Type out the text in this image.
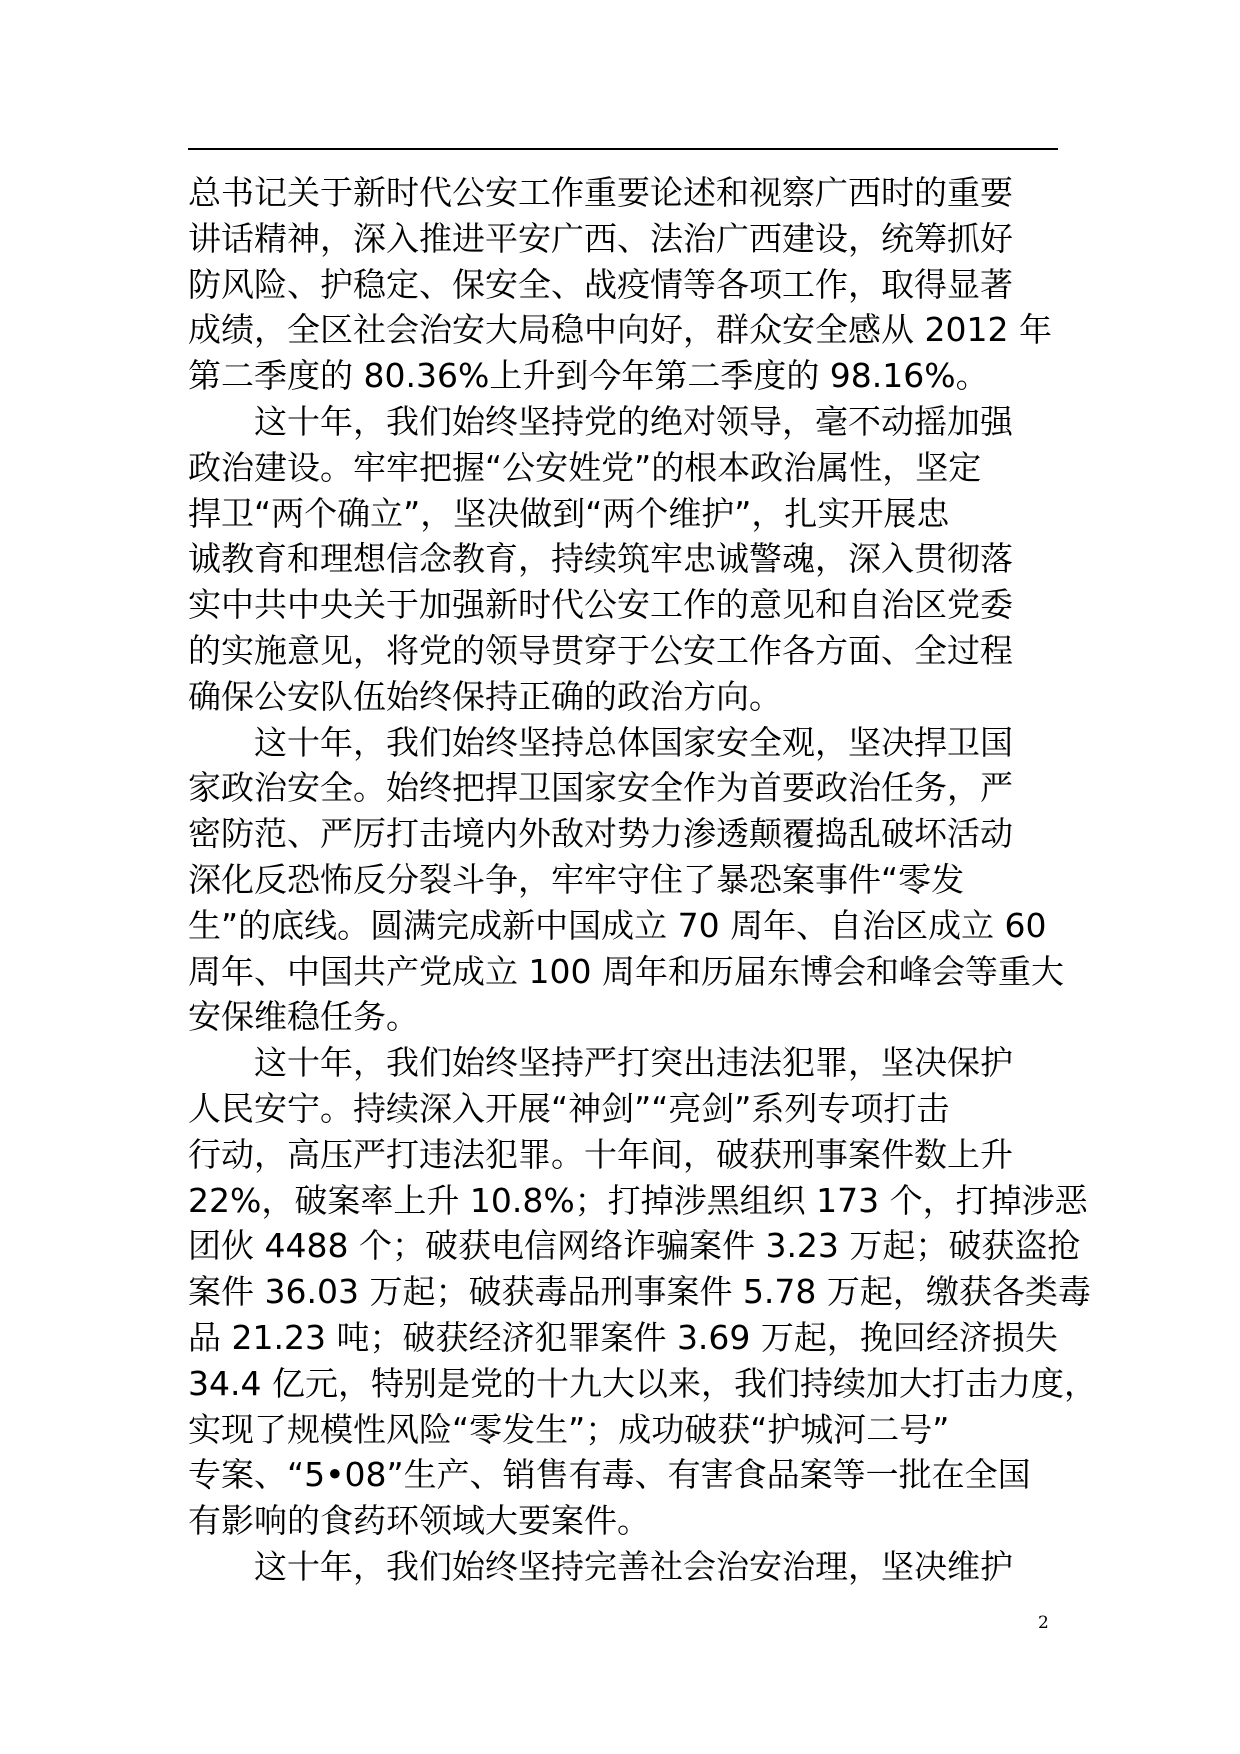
总书记关于新时代公安工作重要论述和视察广西时的重要
讲话精神，深入推进平安广西、法治广西建设，统筹抓好
防风险、护稳定、保安全、战疫情等各项工作，取得显著
成绩，全区社会治安大局稳中向好，群众安全感从 2012 年
第二季度的 80.36%上升到今年第二季度的 98.16%。
这十年，我们始终坚持党的绝对领导，毫不动摇加强
政治建设。牢牢把握“公安姓党”的根本政治属性，坚定
捍卫“两个确立”，坚决做到“两个维护”，扎实开展忠
诚教育和理想信念教育，持续筑牢忠诚警魂，深入贯彻落
实中共中央关于加强新时代公安工作的意见和自治区党委
的实施意见，将党的领导贯穿于公安工作各方面、全过程
确保公安队伍始终保持正确的政治方向。
这十年，我们始终坚持总体国家安全观，坚决捍卫国
家政治安全。始终把捍卫国家安全作为首要政治任务，严
密防范、严厉打击境内外敌对势力渗透颠覆捣乱破坏活动
深化反恐怖反分裂斗争，牢牢守住了暴恐案事件“零发
生”的底线。圆满完成新中国成立 70 周年、自治区成立 60
周年、中国共产党成立 100 周年和历届东博会和峰会等重大
安保维稳任务。
这十年，我们始终坚持严打突出违法犯罪，坚决保护
人民安宁。持续深入开展“神剑”“亮剑”系列专项打击
行动，高压严打违法犯罪。十年间，破获刑事案件数上升
22%，破案率上升 10.8%；打掉涉黑组织 173 个，打掉涉恶
团伙 4488 个；破获电信网络诈骗案件 3.23 万起；破获盗抢
案件 36.03 万起；破获毒品刑事案件 5.78 万起，缴获各类毒
品 21.23 吨；破获经济犯罪案件 3.69 万起，挽回经济损失
34.4 亿元，特别是党的十九大以来，我们持续加大打击力度，
实现了规模性风险“零发生”；成功破获“护城河二号”
专案、“5•08”生产、销售有毒、有害食品案等一批在全国
有影响的食药环领域大要案件。
这十年，我们始终坚持完善社会治安治理，坚决维护
2
